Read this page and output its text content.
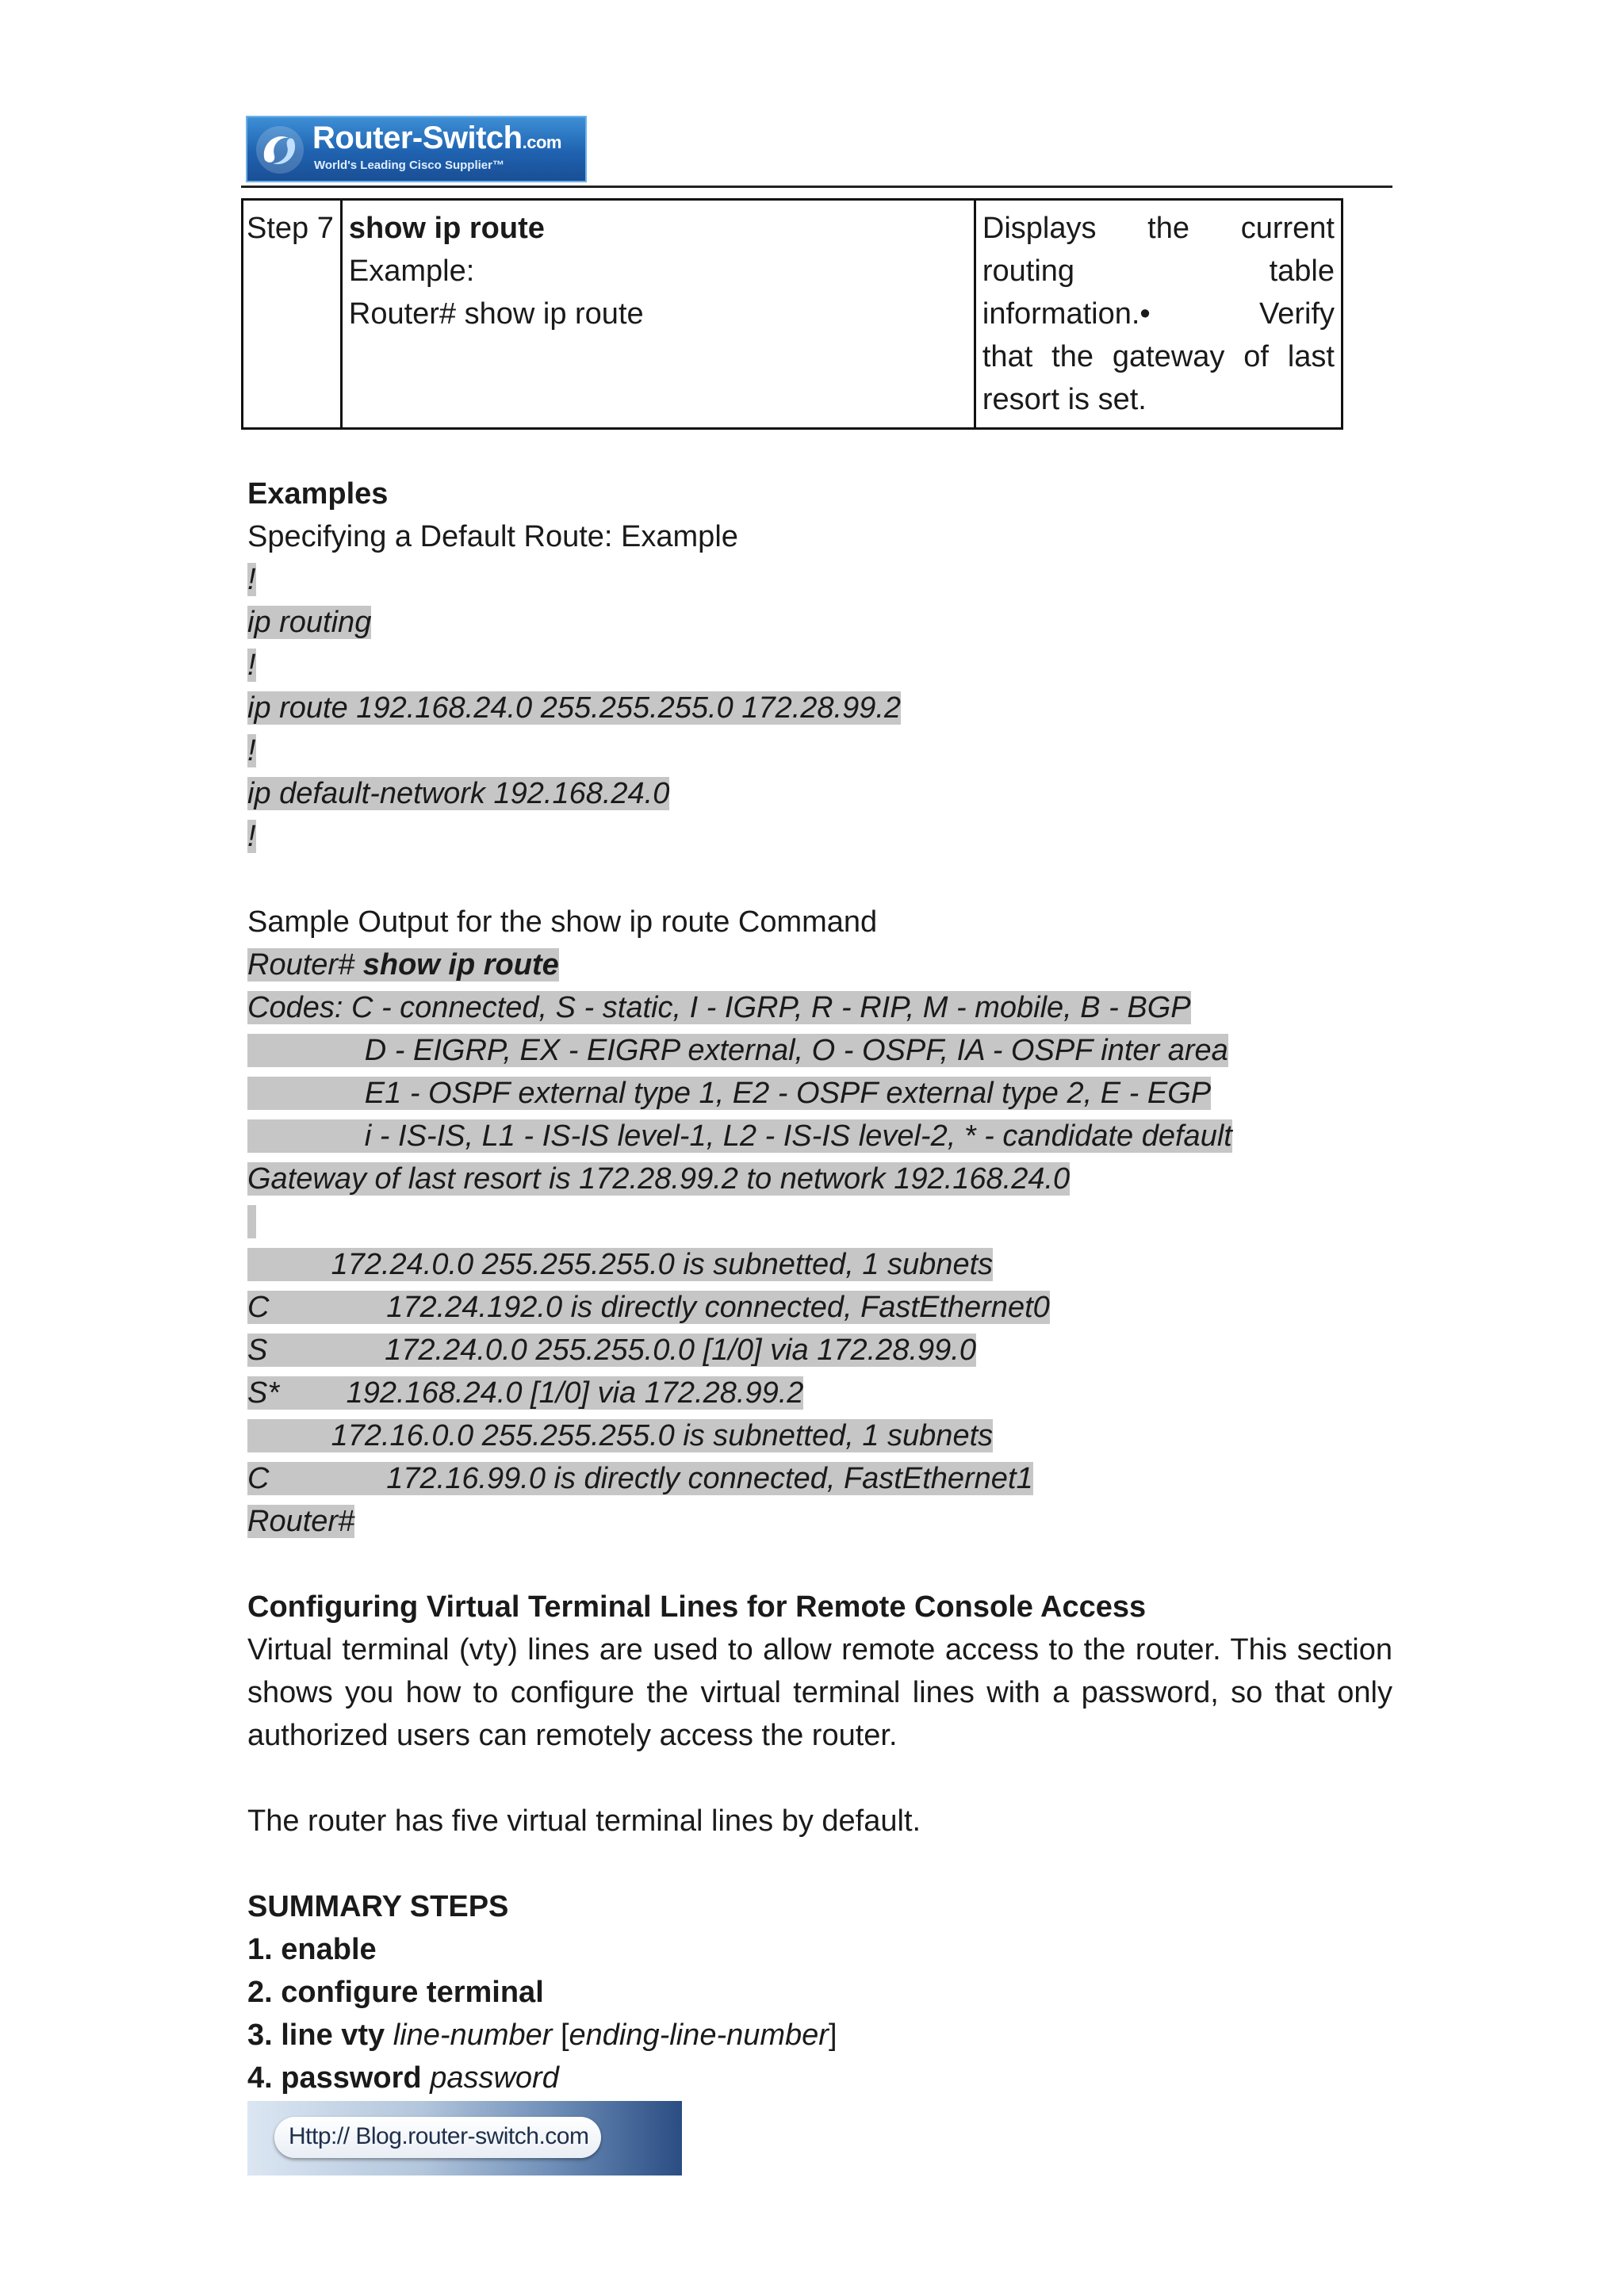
Router-Switch.com
World's Leading Cisco Supplier™
Step 7	show ip route
Example:
Router# show ip route

Displays the current
routing table
information.• Verify
that the gateway of last
resort is set.
Examples
Specifying a Default Route: Example
!
ip routing
!
ip route 192.168.24.0 255.255.255.0 172.28.99.2
!
ip default-network 192.168.24.0
!
Sample Output for the show ip route Command
Router# show ip route
Codes: C - connected, S - static, I - IGRP, R - RIP, M - mobile, B - BGP
D - EIGRP, EX - EIGRP external, O - OSPF, IA - OSPF inter area
E1 - OSPF external type 1, E2 - OSPF external type 2, E - EGP
i - IS-IS, L1 - IS-IS level-1, L2 - IS-IS level-2, * - candidate default
Gateway of last resort is 172.28.99.2 to network 192.168.24.0

172.24.0.0 255.255.255.0 is subnetted, 1 subnets
C              172.24.192.0 is directly connected, FastEthernet0
S              172.24.0.0 255.255.0.0 [1/0] via 172.28.99.0
S*        192.168.24.0 [1/0] via 172.28.99.2
172.16.0.0 255.255.255.0 is subnetted, 1 subnets
C              172.16.99.0 is directly connected, FastEthernet1
Router#
Configuring Virtual Terminal Lines for Remote Console Access

Virtual terminal (vty) lines are used to allow remote access to the router. This section shows you how to configure the virtual terminal lines with a password, so that only authorized users can remotely access the router.

The router has five virtual terminal lines by default.
SUMMARY STEPS
1. enable
2. configure terminal
3. line vty line-number [ending-line-number]
4. password password
Http:// Blog.router-switch.com
